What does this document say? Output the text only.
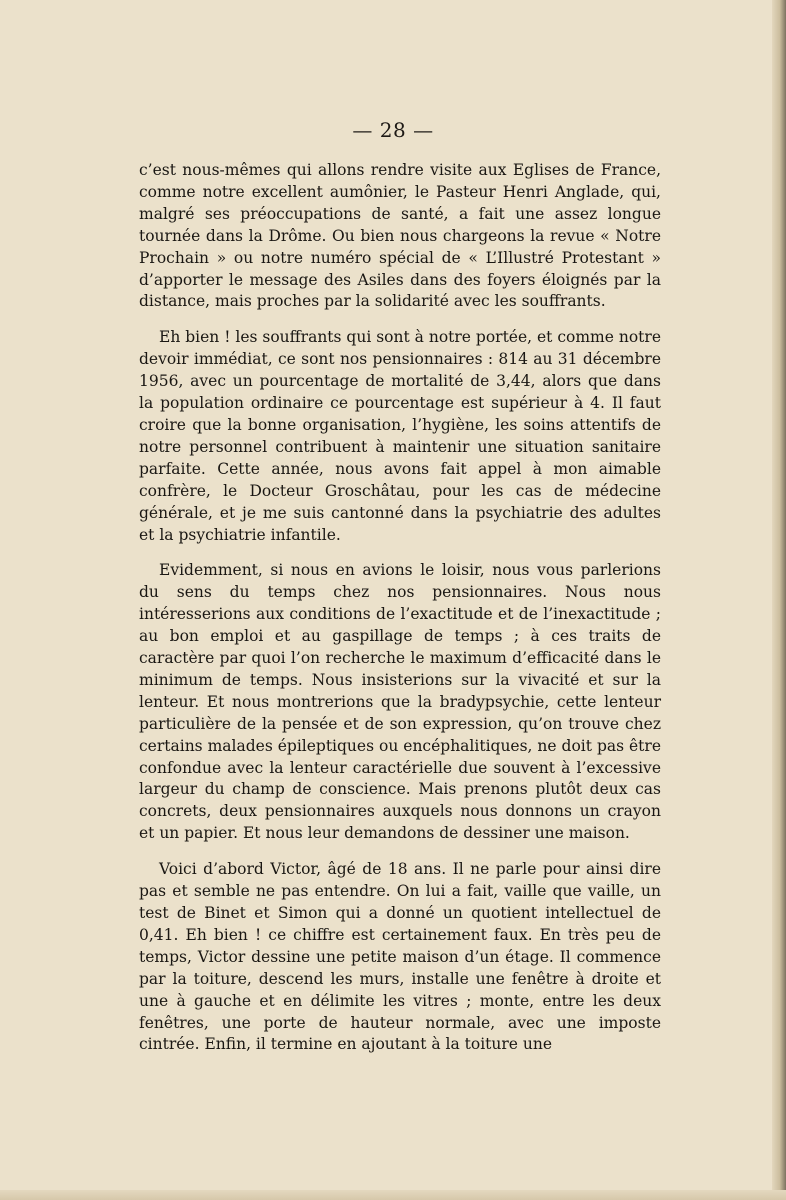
— 28 —

c’est nous-mêmes qui allons rendre visite aux Eglises de France, comme notre excellent aumônier, le Pasteur Henri Anglade, qui, malgré ses préoccupations de santé, a fait une assez longue tournée dans la Drôme. Ou bien nous chargeons la revue « Notre Prochain » ou notre numéro spécial de « L’Illustré Protestant » d’apporter le message des Asiles dans des foyers éloignés par la distance, mais proches par la solidarité avec les souffrants.

Eh bien ! les souffrants qui sont à notre portée, et comme notre devoir immédiat, ce sont nos pensionnaires : 814 au 31 décembre 1956, avec un pourcentage de mortalité de 3,44, alors que dans la population ordinaire ce pourcentage est supérieur à 4. Il faut croire que la bonne organisation, l’hygiène, les soins attentifs de notre personnel contribuent à maintenir une situation sanitaire parfaite. Cette année, nous avons fait appel à mon aimable confrère, le Docteur Groschâtau, pour les cas de médecine générale, et je me suis cantonné dans la psychiatrie des adultes et la psychiatrie infantile.

Evidemment, si nous en avions le loisir, nous vous parlerions du sens du temps chez nos pensionnaires. Nous nous intéresserions aux conditions de l’exactitude et de l’inexactitude ; au bon emploi et au gaspillage de temps ; à ces traits de caractère par quoi l’on recherche le maximum d’efficacité dans le minimum de temps. Nous insisterions sur la vivacité et sur la lenteur. Et nous montrerions que la bradypsychie, cette lenteur particulière de la pensée et de son expression, qu’on trouve chez certains malades épileptiques ou encéphalitiques, ne doit pas être confondue avec la lenteur caractérielle due souvent à l’excessive largeur du champ de conscience. Mais prenons plutôt deux cas concrets, deux pensionnaires auxquels nous donnons un crayon et un papier. Et nous leur demandons de dessiner une maison.

Voici d’abord Victor, âgé de 18 ans. Il ne parle pour ainsi dire pas et semble ne pas entendre. On lui a fait, vaille que vaille, un test de Binet et Simon qui a donné un quotient intellectuel de 0,41. Eh bien ! ce chiffre est certainement faux. En très peu de temps, Victor dessine une petite maison d’un étage. Il commence par la toiture, descend les murs, installe une fenêtre à droite et une à gauche et en délimite les vitres ; monte, entre les deux fenêtres, une porte de hauteur normale, avec une imposte cintrée. Enfin, il termine en ajoutant à la toiture une
